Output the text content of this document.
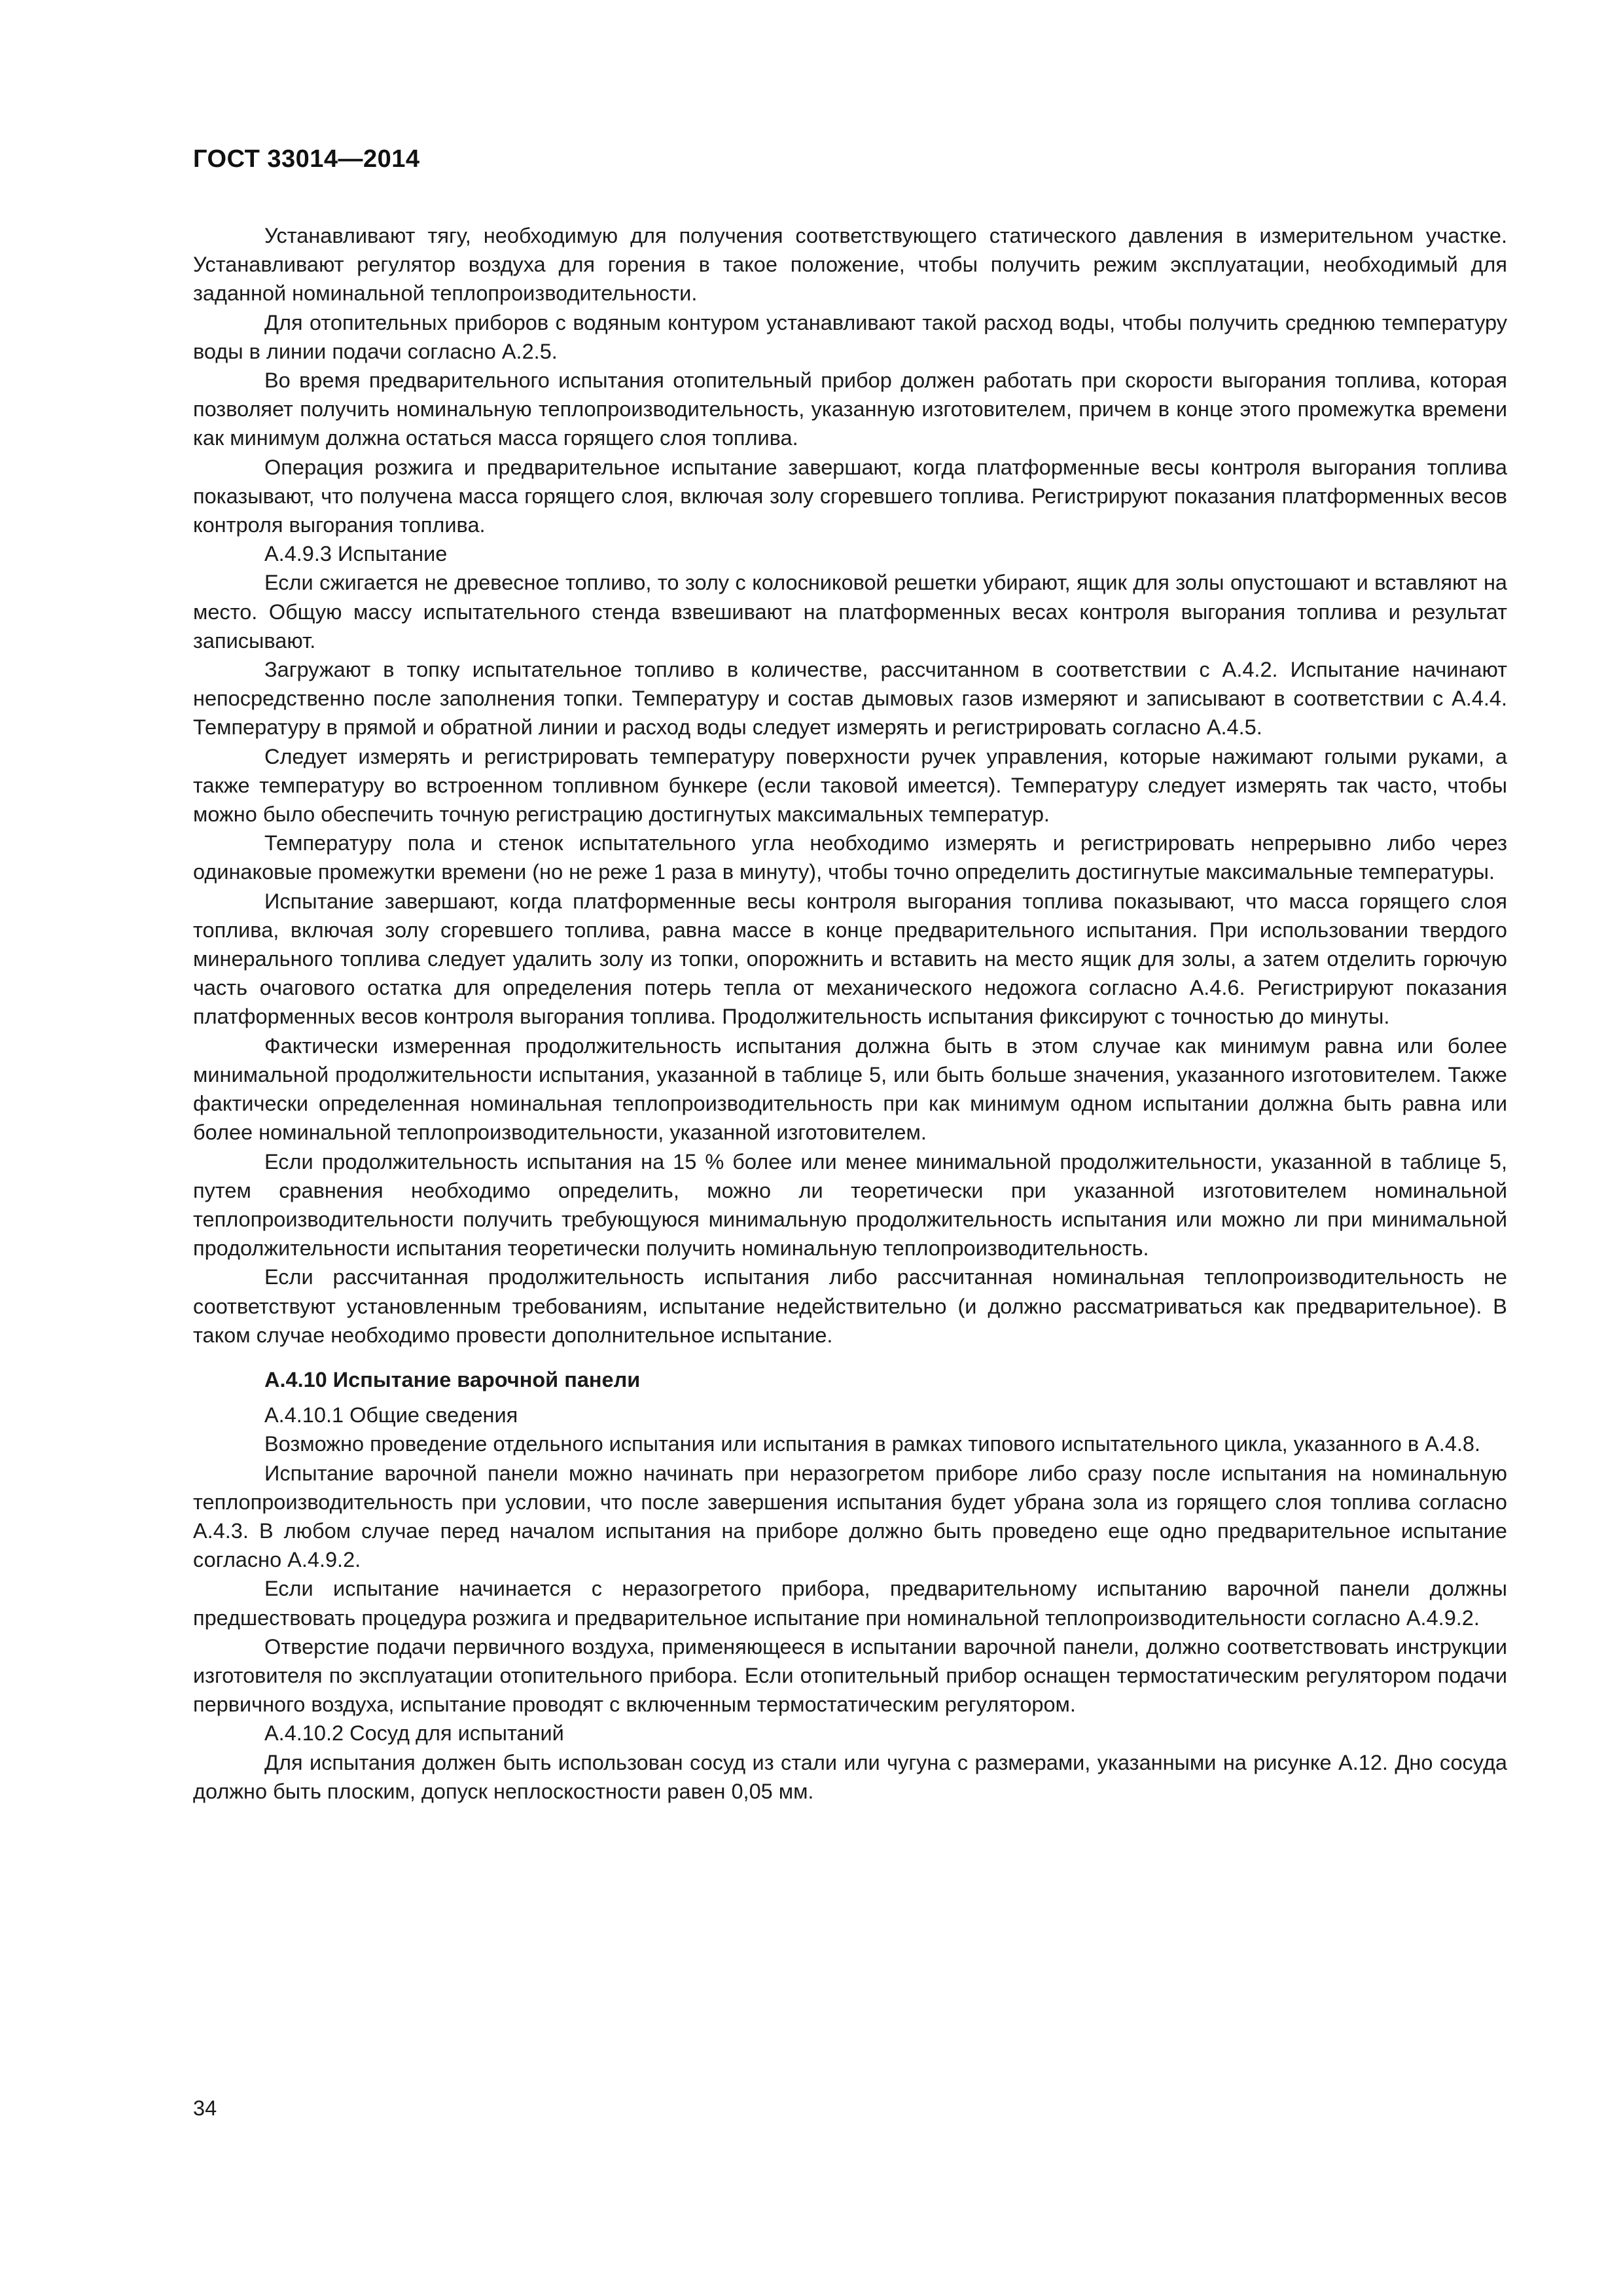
ГОСТ 33014—2014

Устанавливают тягу, необходимую для получения соответствующего статического давления в измерительном участке. Устанавливают регулятор воздуха для горения в такое положение, чтобы получить режим эксплуатации, необходимый для заданной номинальной теплопроизводительности.

Для отопительных приборов с водяным контуром устанавливают такой расход воды, чтобы получить среднюю температуру воды в линии подачи согласно А.2.5.

Во время предварительного испытания отопительный прибор должен работать при скорости выгорания топлива, которая позволяет получить номинальную теплопроизводительность, указанную изготовителем, причем в конце этого промежутка времени как минимум должна остаться масса горящего слоя топлива.

Операция розжига и предварительное испытание завершают, когда платформенные весы контроля выгорания топлива показывают, что получена масса горящего слоя, включая золу сгоревшего топлива. Регистрируют показания платформенных весов контроля выгорания топлива.

А.4.9.3 Испытание

Если сжигается не древесное топливо, то золу с колосниковой решетки убирают, ящик для золы опустошают и вставляют на место. Общую массу испытательного стенда взвешивают на платформенных весах контроля выгорания топлива и результат записывают.

Загружают в топку испытательное топливо в количестве, рассчитанном в соответствии с А.4.2. Испытание начинают непосредственно после заполнения топки. Температуру и состав дымовых газов измеряют и записывают в соответствии с А.4.4. Температуру в прямой и обратной линии и расход воды следует измерять и регистрировать согласно А.4.5.

Следует измерять и регистрировать температуру поверхности ручек управления, которые нажимают голыми руками, а также температуру во встроенном топливном бункере (если таковой имеется). Температуру следует измерять так часто, чтобы можно было обеспечить точную регистрацию достигнутых максимальных температур.

Температуру пола и стенок испытательного угла необходимо измерять и регистрировать непрерывно либо через одинаковые промежутки времени (но не реже 1 раза в минуту), чтобы точно определить достигнутые максимальные температуры.

Испытание завершают, когда платформенные весы контроля выгорания топлива показывают, что масса горящего слоя топлива, включая золу сгоревшего топлива, равна массе в конце предварительного испытания. При использовании твердого минерального топлива следует удалить золу из топки, опорожнить и вставить на место ящик для золы, а затем отделить горючую часть очагового остатка для определения потерь тепла от механического недожога согласно А.4.6. Регистрируют показания платформенных весов контроля выгорания топлива. Продолжительность испытания фиксируют с точностью до минуты.

Фактически измеренная продолжительность испытания должна быть в этом случае как минимум равна или более минимальной продолжительности испытания, указанной в таблице 5, или быть больше значения, указанного изготовителем. Также фактически определенная номинальная теплопроизводительность при как минимум одном испытании должна быть равна или более номинальной теплопроизводительности, указанной изготовителем.

Если продолжительность испытания на 15 % более или менее минимальной продолжительности, указанной в таблице 5, путем сравнения необходимо определить, можно ли теоретически при указанной изготовителем номинальной теплопроизводительности получить требующуюся минимальную продолжительность испытания или можно ли при минимальной продолжительности испытания теоретически получить номинальную теплопроизводительность.

Если рассчитанная продолжительность испытания либо рассчитанная номинальная теплопроизводительность не соответствуют установленным требованиям, испытание недействительно (и должно рассматриваться как предварительное). В таком случае необходимо провести дополнительное испытание.

А.4.10 Испытание варочной панели

А.4.10.1 Общие сведения

Возможно проведение отдельного испытания или испытания в рамках типового испытательного цикла, указанного в А.4.8.

Испытание варочной панели можно начинать при неразогретом приборе либо сразу после испытания на номинальную теплопроизводительность при условии, что после завершения испытания будет убрана зола из горящего слоя топлива согласно А.4.3. В любом случае перед началом испытания на приборе должно быть проведено еще одно предварительное испытание согласно А.4.9.2.

Если испытание начинается с неразогретого прибора, предварительному испытанию варочной панели должны предшествовать процедура розжига и предварительное испытание при номинальной теплопроизводительности согласно А.4.9.2.

Отверстие подачи первичного воздуха, применяющееся в испытании варочной панели, должно соответствовать инструкции изготовителя по эксплуатации отопительного прибора. Если отопительный прибор оснащен термостатическим регулятором подачи первичного воздуха, испытание проводят с включенным термостатическим регулятором.

А.4.10.2 Сосуд для испытаний

Для испытания должен быть использован сосуд из стали или чугуна с размерами, указанными на рисунке А.12. Дно сосуда должно быть плоским, допуск неплоскостности равен 0,05 мм.

34
